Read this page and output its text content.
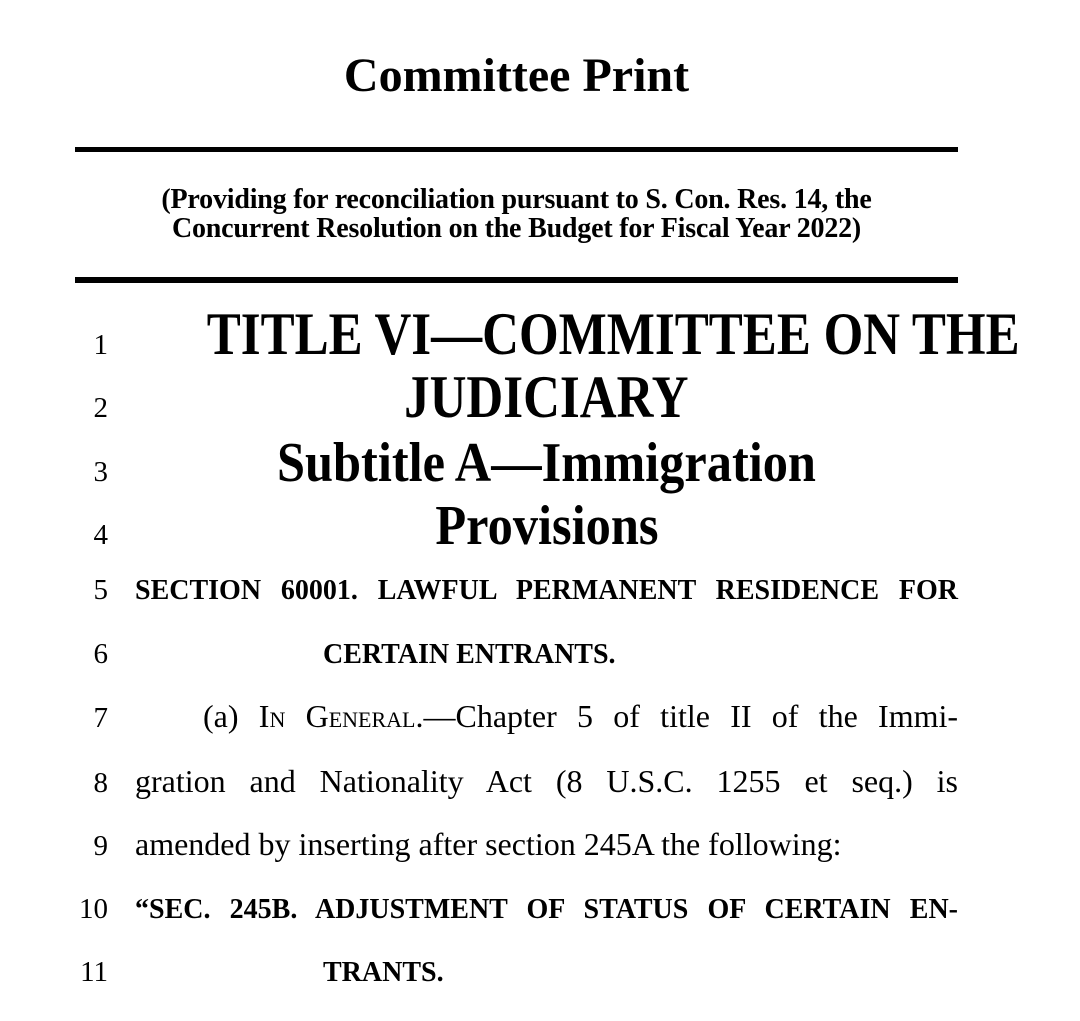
Committee Print
(Providing for reconciliation pursuant to S. Con. Res. 14, the
Concurrent Resolution on the Budget for Fiscal Year 2022)
1	TITLE VI—COMMITTEE ON THE
2	JUDICIARY
3	Subtitle A—Immigration
4	Provisions
5 SECTION 60001. LAWFUL PERMANENT RESIDENCE FOR
6	CERTAIN ENTRANTS.
7	(a) In General.—Chapter 5 of title II of the Immi-
8 gration and Nationality Act (8 U.S.C. 1255 et seq.) is
9 amended by inserting after section 245A the following:
10 “SEC. 245B. ADJUSTMENT OF STATUS OF CERTAIN EN-
11	TRANTS.
